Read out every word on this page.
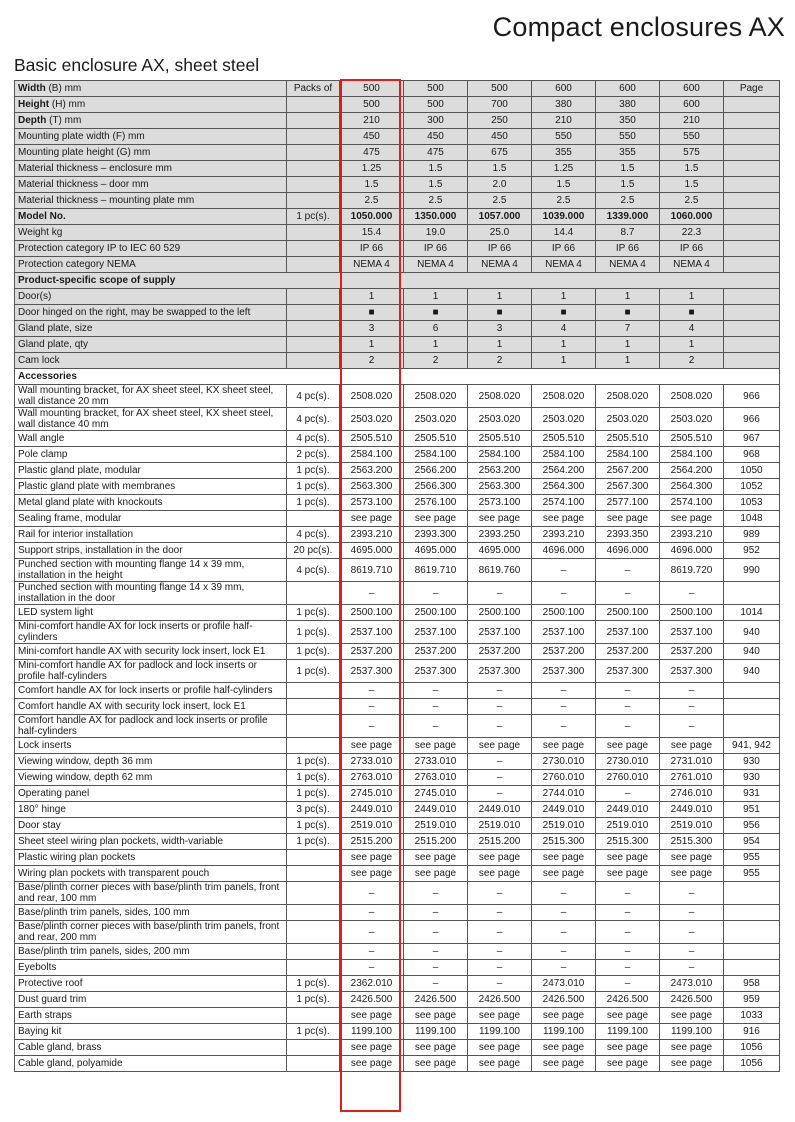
Compact enclosures AX
Basic enclosure AX, sheet steel
Width (B) mm	Packs of	500	500	500	600	600	600	Page
Height (H) mm		500	500	700	380	380	600	
Depth (T) mm		210	300	250	210	350	210	
Mounting plate width (F) mm		450	450	450	550	550	550	
Mounting plate height (G) mm		475	475	675	355	355	575	
Material thickness – enclosure mm		1.25	1.5	1.5	1.25	1.5	1.5	
Material thickness – door mm		1.5	1.5	2.0	1.5	1.5	1.5	
Material thickness – mounting plate mm		2.5	2.5	2.5	2.5	2.5	2.5	
Model No.	1 pc(s).	1050.000	1350.000	1057.000	1039.000	1339.000	1060.000	
Weight kg		15.4	19.0	25.0	14.4	8.7	22.3	
Protection category IP to IEC 60 529		IP 66	IP 66	IP 66	IP 66	IP 66	IP 66	
Protection category NEMA		NEMA 4	NEMA 4	NEMA 4	NEMA 4	NEMA 4	NEMA 4	
Product-specific scope of supply								
Door(s)		1	1	1	1	1	1	
Door hinged on the right, may be swapped to the left		■	■	■	■	■	■	
Gland plate, size		3	6	3	4	7	4	
Gland plate, qty		1	1	1	1	1	1	
Cam lock		2	2	2	1	1	2	
Accessories								
Wall mounting bracket, for AX sheet steel, KX sheet steel, wall distance 20 mm	4 pc(s).	2508.020	2508.020	2508.020	2508.020	2508.020	2508.020	966
Wall mounting bracket, for AX sheet steel, KX sheet steel, wall distance 40 mm	4 pc(s).	2503.020	2503.020	2503.020	2503.020	2503.020	2503.020	966
Wall angle	4 pc(s).	2505.510	2505.510	2505.510	2505.510	2505.510	2505.510	967
Pole clamp	2 pc(s).	2584.100	2584.100	2584.100	2584.100	2584.100	2584.100	968
Plastic gland plate, modular	1 pc(s).	2563.200	2566.200	2563.200	2564.200	2567.200	2564.200	1050
Plastic gland plate with membranes	1 pc(s).	2563.300	2566.300	2563.300	2564.300	2567.300	2564.300	1052
Metal gland plate with knockouts	1 pc(s).	2573.100	2576.100	2573.100	2574.100	2577.100	2574.100	1053
Sealing frame, modular		see page	see page	see page	see page	see page	see page	1048
Rail for interior installation	4 pc(s).	2393.210	2393.300	2393.250	2393.210	2393.350	2393.210	989
Support strips, installation in the door	20 pc(s).	4695.000	4695.000	4695.000	4696.000	4696.000	4696.000	952
Punched section with mounting flange 14 x 39 mm, installation in the height	4 pc(s).	8619.710	8619.710	8619.760	–	–	8619.720	990
Punched section with mounting flange 14 x 39 mm, installation in the door		–	–	–	–	–	–	
LED system light	1 pc(s).	2500.100	2500.100	2500.100	2500.100	2500.100	2500.100	1014
Mini-comfort handle AX for lock inserts or profile half-cylinders	1 pc(s).	2537.100	2537.100	2537.100	2537.100	2537.100	2537.100	940
Mini-comfort handle AX with security lock insert, lock E1	1 pc(s).	2537.200	2537.200	2537.200	2537.200	2537.200	2537.200	940
Mini-comfort handle AX for padlock and lock inserts or profile half-cylinders	1 pc(s).	2537.300	2537.300	2537.300	2537.300	2537.300	2537.300	940
Comfort handle AX for lock inserts or profile half-cylinders		–	–	–	–	–	–	
Comfort handle AX with security lock insert, lock E1		–	–	–	–	–	–	
Comfort handle AX for padlock and lock inserts or profile half-cylinders		–	–	–	–	–	–	
Lock inserts		see page	see page	see page	see page	see page	see page	941, 942
Viewing window, depth 36 mm	1 pc(s).	2733.010	2733.010	–	2730.010	2730.010	2731.010	930
Viewing window, depth 62 mm	1 pc(s).	2763.010	2763.010	–	2760.010	2760.010	2761.010	930
Operating panel	1 pc(s).	2745.010	2745.010	–	2744.010	–	2746.010	931
180° hinge	3 pc(s).	2449.010	2449.010	2449.010	2449.010	2449.010	2449.010	951
Door stay	1 pc(s).	2519.010	2519.010	2519.010	2519.010	2519.010	2519.010	956
Sheet steel wiring plan pockets, width-variable	1 pc(s).	2515.200	2515.200	2515.200	2515.300	2515.300	2515.300	954
Plastic wiring plan pockets		see page	see page	see page	see page	see page	see page	955
Wiring plan pockets with transparent pouch		see page	see page	see page	see page	see page	see page	955
Base/plinth corner pieces with base/plinth trim panels, front and rear, 100 mm		–	–	–	–	–	–	
Base/plinth trim panels, sides, 100 mm		–	–	–	–	–	–	
Base/plinth corner pieces with base/plinth trim panels, front and rear, 200 mm		–	–	–	–	–	–	
Base/plinth trim panels, sides, 200 mm		–	–	–	–	–	–	
Eyebolts		–	–	–	–	–	–	
Protective roof	1 pc(s).	2362.010	–	–	2473.010	–	2473.010	958
Dust guard trim	1 pc(s).	2426.500	2426.500	2426.500	2426.500	2426.500	2426.500	959
Earth straps		see page	see page	see page	see page	see page	see page	1033
Baying kit	1 pc(s).	1199.100	1199.100	1199.100	1199.100	1199.100	1199.100	916
Cable gland, brass		see page	see page	see page	see page	see page	see page	1056
Cable gland, polyamide		see page	see page	see page	see page	see page	see page	1056
